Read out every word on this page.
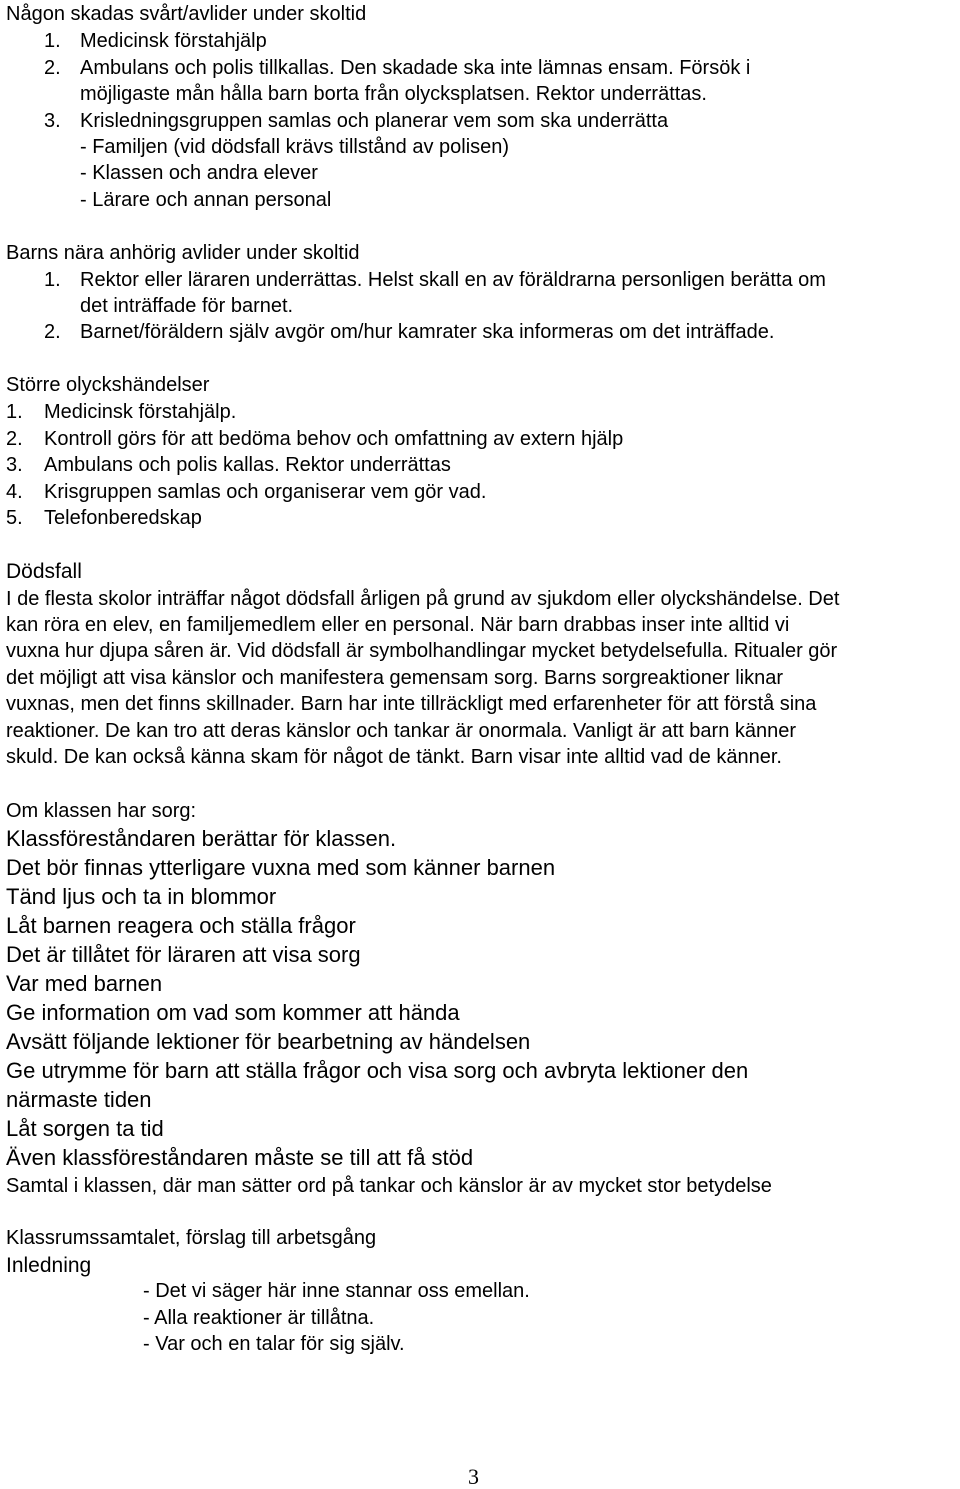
Någon skadas svårt/avlider under skoltid
1. Medicinsk förstahjälp
2. Ambulans och polis tillkallas. Den skadade ska inte lämnas ensam. Försök i
möjligaste mån hålla barn borta från olycksplatsen. Rektor underrättas.
3. Krisledningsgruppen samlas och planerar vem som ska underrätta
- Familjen (vid dödsfall krävs tillstånd av polisen)
- Klassen och andra elever
- Lärare och annan personal
Barns nära anhörig avlider under skoltid
1. Rektor eller läraren underrättas. Helst skall en av föräldrarna personligen berätta om
det inträffade för barnet.
2. Barnet/föräldern själv avgör om/hur kamrater ska informeras om det inträffade.
Större olyckshändelser
1. Medicinsk förstahjälp.
2. Kontroll görs för att bedöma behov och omfattning av extern hjälp
3. Ambulans och polis kallas. Rektor underrättas
4. Krisgruppen samlas och organiserar vem gör vad.
5. Telefonberedskap
Dödsfall
I de flesta skolor inträffar något dödsfall årligen på grund av sjukdom eller olyckshändelse. Det
kan röra en elev, en familjemedlem eller en personal. När barn drabbas inser inte alltid vi
vuxna hur djupa såren är. Vid dödsfall är symbolhandlingar mycket betydelsefulla. Ritualer gör
det möjligt att visa känslor och manifestera gemensam sorg. Barns sorgreaktioner liknar
vuxnas, men det finns skillnader. Barn har inte tillräckligt med erfarenheter för att förstå sina
reaktioner. De kan tro att deras känslor och tankar är onormala. Vanligt är att barn känner
skuld. De kan också känna skam för något de tänkt. Barn visar inte alltid vad de känner.
Om klassen har sorg:
Klassföreståndaren berättar för klassen.
Det bör finnas ytterligare vuxna med som känner barnen
Tänd ljus och ta in blommor
Låt barnen reagera och ställa frågor
Det är tillåtet för läraren att visa sorg
Var med barnen
Ge information om vad som kommer att hända
Avsätt följande lektioner för bearbetning av händelsen
Ge utrymme för barn att ställa frågor och visa sorg och avbryta lektioner den
närmaste tiden
Låt sorgen ta tid
Även klassföreståndaren måste se till att få stöd
Samtal i klassen, där man sätter ord på tankar och känslor är av mycket stor betydelse
Klassrumssamtalet, förslag till arbetsgång
Inledning
- Det vi säger här inne stannar oss emellan.
- Alla reaktioner är tillåtna.
- Var och en talar för sig själv.
3
